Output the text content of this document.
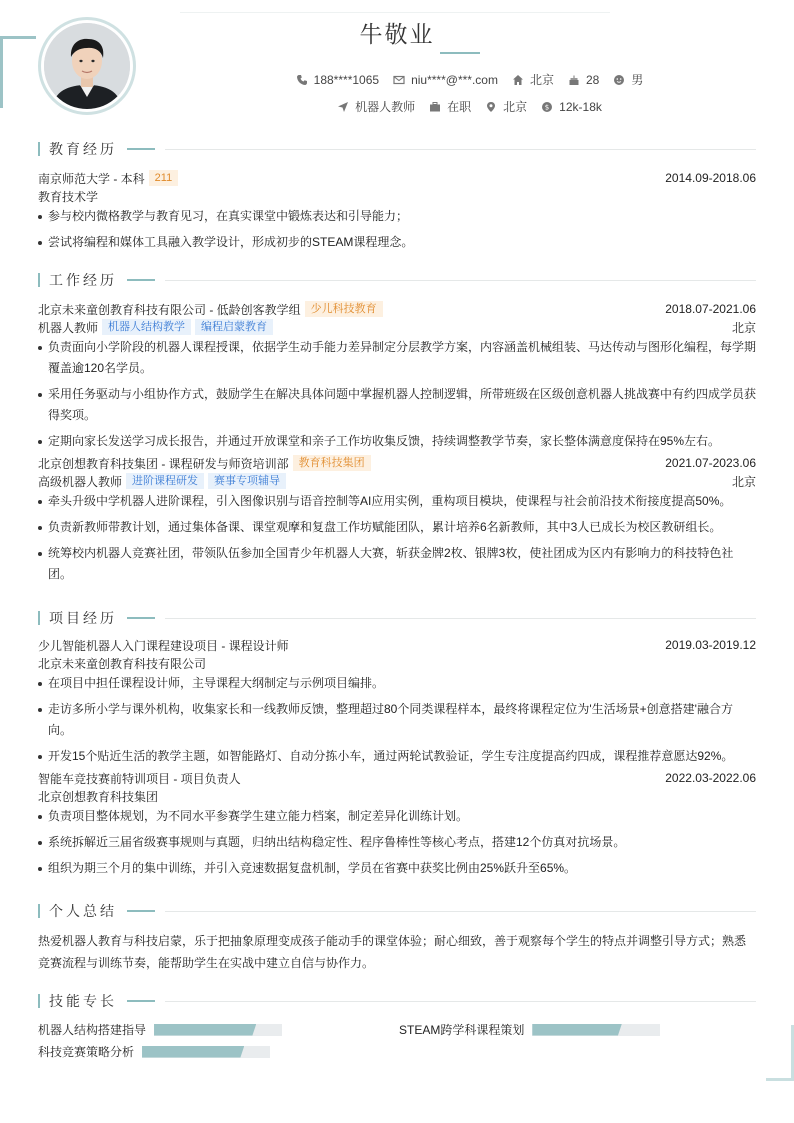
牛敬业
188****1065	niu****@***.com	北京	28	男
机器人教师	在职	北京	$ 12k-18k
教育经历
南京师范大学 - 本科 211	2014.09-2018.06
教育技术学
参与校内微格教学与教育见习，在真实课堂中锻炼表达和引导能力；
尝试将编程和媒体工具融入教学设计，形成初步的STEAM课程理念。
工作经历
北京未来童创教育科技有限公司 - 低龄创客教学组 少儿科技教育	2018.07-2021.06
机器人教师 机器人结构教学	编程启蒙教育	北京
负责面向小学阶段的机器人课程授课，依据学生动手能力差异制定分层教学方案，内容涵盖机械组装、马达传动与图形化编程，每学期覆盖逾120名学员。
采用任务驱动与小组协作方式，鼓励学生在解决具体问题中掌握机器人控制逻辑，所带班级在区级创意机器人挑战赛中有约四成学员获得奖项。
定期向家长发送学习成长报告，并通过开放课堂和亲子工作坊收集反馈，持续调整教学节奏，家长整体满意度保持在95%左右。
北京创想教育科技集团 - 课程研发与师资培训部 教育科技集团	2021.07-2023.06
高级机器人教师 进阶课程研发	赛事专项辅导	北京
牵头升级中学机器人进阶课程，引入图像识别与语音控制等AI应用实例，重构项目模块，使课程与社会前沿技术衔接度提高50%。
负责新教师带教计划，通过集体备课、课堂观摩和复盘工作坊赋能团队，累计培养6名新教师，其中3人已成长为校区教研组长。
统筹校内机器人竞赛社团，带领队伍参加全国青少年机器人大赛，斩获金牌2枚、银牌3枚，使社团成为区内有影响力的科技特色社团。
项目经历
少儿智能机器人入门课程建设项目 - 课程设计师	2019.03-2019.12
北京未来童创教育科技有限公司
在项目中担任课程设计师，主导课程大纲制定与示例项目编排。
走访多所小学与课外机构，收集家长和一线教师反馈，整理超过80个同类课程样本，最终将课程定位为'生活场景+创意搭建'融合方向。
开发15个贴近生活的教学主题，如智能路灯、自动分拣小车，通过两轮试教验证，学生专注度提高约四成，课程推荐意愿达92%。
智能车竞技赛前特训项目 - 项目负责人	2022.03-2022.06
北京创想教育科技集团
负责项目整体规划，为不同水平参赛学生建立能力档案，制定差异化训练计划。
系统拆解近三届省级赛事规则与真题，归纳出结构稳定性、程序鲁棒性等核心考点，搭建12个仿真对抗场景。
组织为期三个月的集中训练，并引入竞速数据复盘机制，学员在省赛中获奖比例由25%跃升至65%。
个人总结
热爱机器人教育与科技启蒙，乐于把抽象原理变成孩子能动手的课堂体验；耐心细致，善于观察每个学生的特点并调整引导方式；熟悉竞赛流程与训练节奏，能帮助学生在实战中建立自信与协作力。
技能专长
机器人结构搭建指导	STEAM跨学科课程策划
科技竞赛策略分析
